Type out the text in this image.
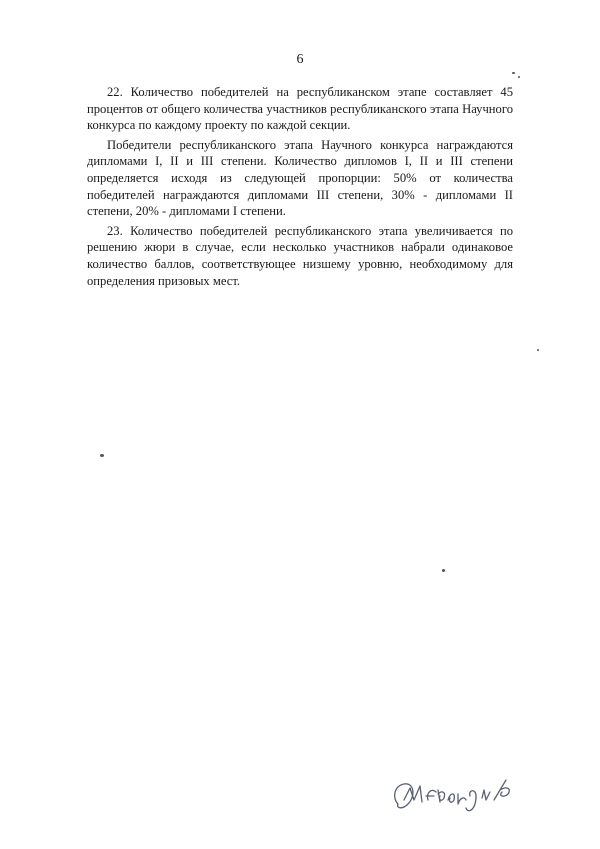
6

22. Количество победителей на республиканском этапе составляет 45 процентов от общего количества участников республиканского этапа Научного конкурса по каждому проекту по каждой секции.

Победители республиканского этапа Научного конкурса награждаются дипломами I, II и III степени. Количество дипломов I, II и III степени определяется исходя из следующей пропорции: 50% от количества победителей награждаются дипломами III степени, 30% - дипломами II степени, 20% - дипломами I степени.

23. Количество победителей республиканского этапа увеличивается по решению жюри в случае, если несколько участников набрали одинаковое количество баллов, соответствующее низшему уровню, необходимому для определения призовых мест.
